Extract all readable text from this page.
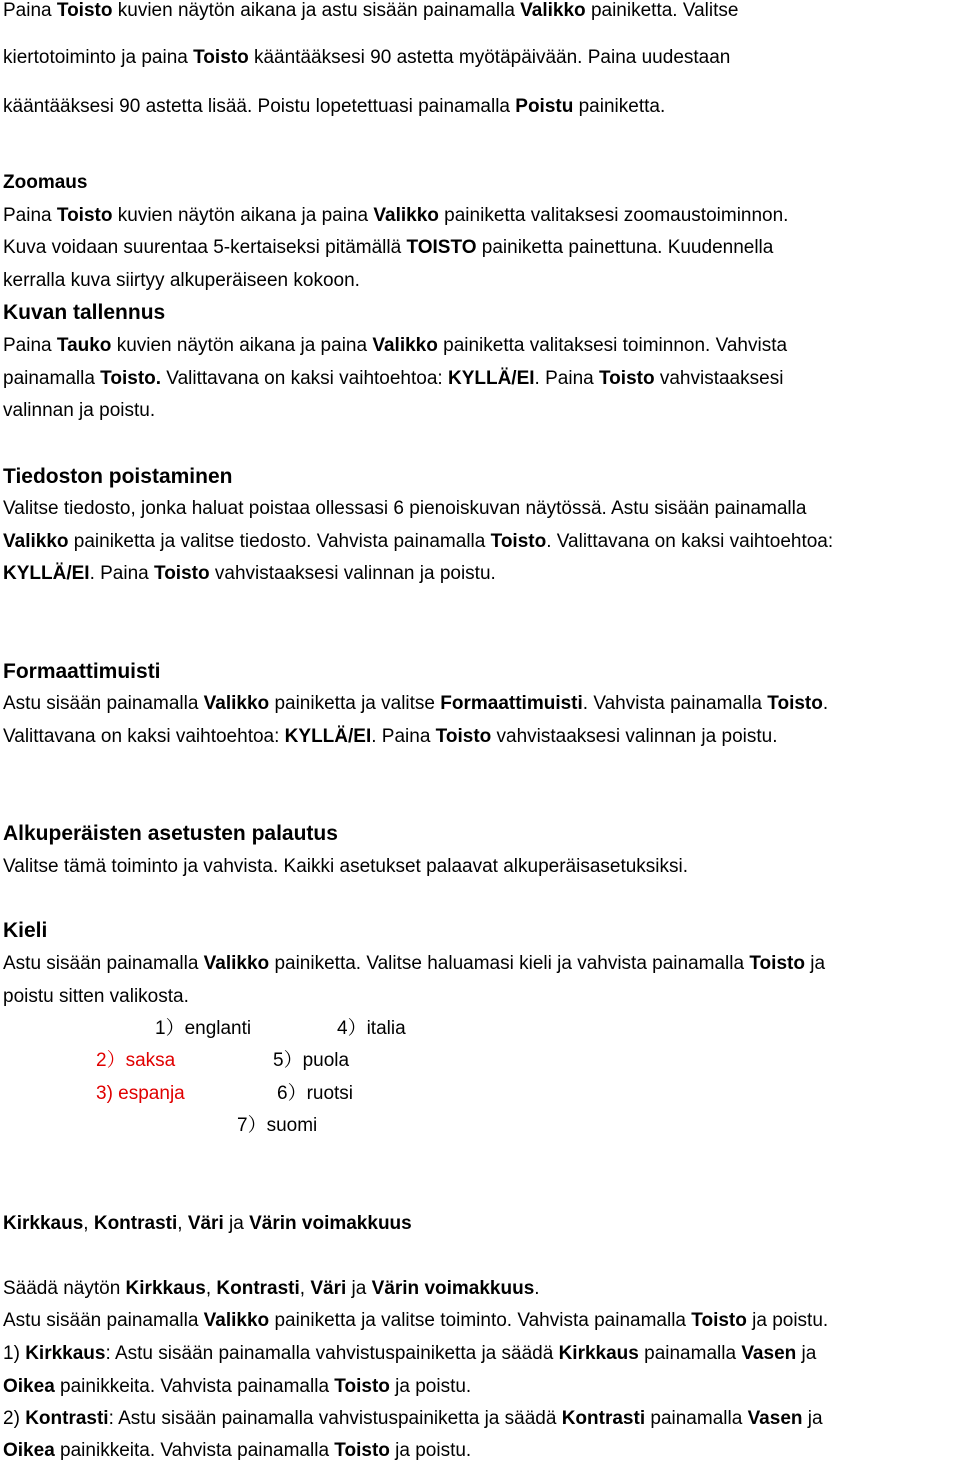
Paina Toisto kuvien näytön aikana ja astu sisään painamalla Valikko painiketta. Valitse
kiertotoiminto ja paina Toisto kääntääksesi 90 astetta myötäpäivään. Paina uudestaan
kääntääksesi 90 astetta lisää. Poistu lopetettuasi painamalla Poistu painiketta.
Zoomaus
Paina Toisto kuvien näytön aikana ja paina Valikko painiketta valitaksesi zoomaustoiminnon.
Kuva voidaan suurentaa 5-kertaiseksi pitämällä TOISTO painiketta painettuna. Kuudennella
kerralla kuva siirtyy alkuperäiseen kokoon.
Kuvan tallennus
Paina Tauko kuvien näytön aikana ja paina Valikko painiketta valitaksesi toiminnon. Vahvista
painamalla Toisto. Valittavana on kaksi vaihtoehtoa: KYLLÄ/EI. Paina Toisto vahvistaaksesi
valinnan ja poistu.
Tiedoston poistaminen
Valitse tiedosto, jonka haluat poistaa ollessasi 6 pienoiskuvan näytössä. Astu sisään painamalla
Valikko painiketta ja valitse tiedosto. Vahvista painamalla Toisto. Valittavana on kaksi vaihtoehtoa:
KYLLÄ/EI. Paina Toisto vahvistaaksesi valinnan ja poistu.
Formaattimuisti
Astu sisään painamalla Valikko painiketta ja valitse Formaattimuisti. Vahvista painamalla Toisto.
Valittavana on kaksi vaihtoehtoa: KYLLÄ/EI. Paina Toisto vahvistaaksesi valinnan ja poistu.
Alkuperäisten asetusten palautus
Valitse tämä toiminto ja vahvista. Kaikki asetukset palaavat alkuperäisasetuksiksi.
Kieli
Astu sisään painamalla Valikko painiketta. Valitse haluamasi kieli ja vahvista painamalla Toisto ja
poistu sitten valikosta.
1）englanti
2）saksa
3) espanja
4）italia
5）puola
6）ruotsi
7）suomi
Kirkkaus, Kontrasti, Väri ja Värin voimakkuus
Säädä näytön Kirkkaus, Kontrasti, Väri ja Värin voimakkuus.
Astu sisään painamalla Valikko painiketta ja valitse toiminto. Vahvista painamalla Toisto ja poistu.
1) Kirkkaus: Astu sisään painamalla vahvistuspainiketta ja säädä Kirkkaus painamalla Vasen ja
Oikea painikkeita. Vahvista painamalla Toisto ja poistu.
2) Kontrasti: Astu sisään painamalla vahvistuspainiketta ja säädä Kontrasti painamalla Vasen ja
Oikea painikkeita. Vahvista painamalla Toisto ja poistu.
